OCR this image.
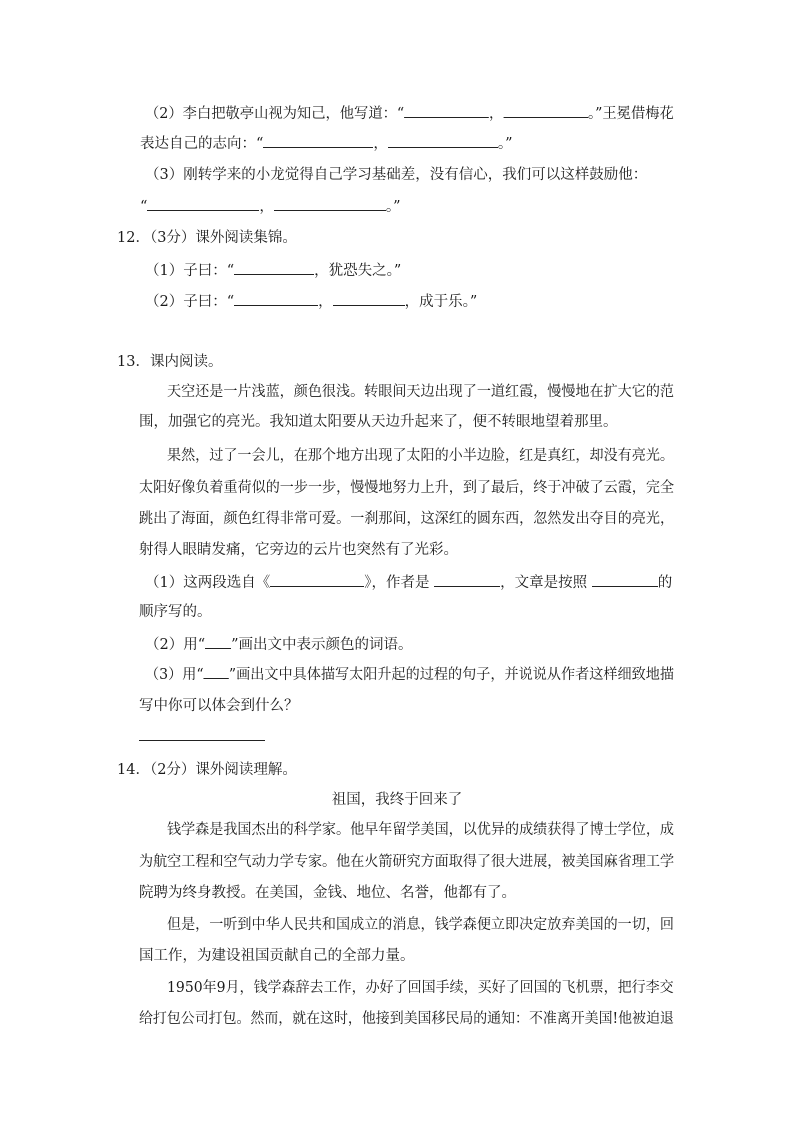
（2）李白把敬亭山视为知己，他写道：“	，	。”王冕借梅花
表达自己的志向：“	，	。”
（3）刚转学来的小龙觉得自己学习基础差，没有信心，我们可以这样鼓励他：
“	，	。”
12．（3分）课外阅读集锦。
（1）子曰：“	，犹恐失之。”
（2）子曰：“	，	，成于乐。”
13．课内阅读。
天空还是一片浅蓝，颜色很浅。转眼间天边出现了一道红霞，慢慢地在扩大它的范
围，加强它的亮光。我知道太阳要从天边升起来了，便不转眼地望着那里。
果然，过了一会儿，在那个地方出现了太阳的小半边脸，红是真红，却没有亮光。
太阳好像负着重荷似的一步一步，慢慢地努力上升，到了最后，终于冲破了云霞，完全
跳出了海面，颜色红得非常可爱。一刹那间，这深红的圆东西，忽然发出夺目的亮光，
射得人眼睛发痛，它旁边的云片也突然有了光彩。
（1）这两段选自《	》，作者是	，文章是按照	的
顺序写的。
（2）用“ ”画出文中表示颜色的词语。
（3）用“ ”画出文中具体描写太阳升起的过程的句子，并说说从作者这样细致地描
写中你可以体会到什么？
14．（2分）课外阅读理解。
祖国，我终于回来了
钱学森是我国杰出的科学家。他早年留学美国，以优异的成绩获得了博士学位，成
为航空工程和空气动力学专家。他在火箭研究方面取得了很大进展，被美国麻省理工学
院聘为终身教授。在美国，金钱、地位、名誉，他都有了。
但是，一听到中华人民共和国成立的消息，钱学森便立即决定放弃美国的一切，回
国工作，为建设祖国贡献自己的全部力量。
1950年9月，钱学森辞去工作，办好了回国手续，买好了回国的飞机票，把行李交
给打包公司打包。然而，就在这时，他接到美国移民局的通知：不准离开美国!他被迫退
